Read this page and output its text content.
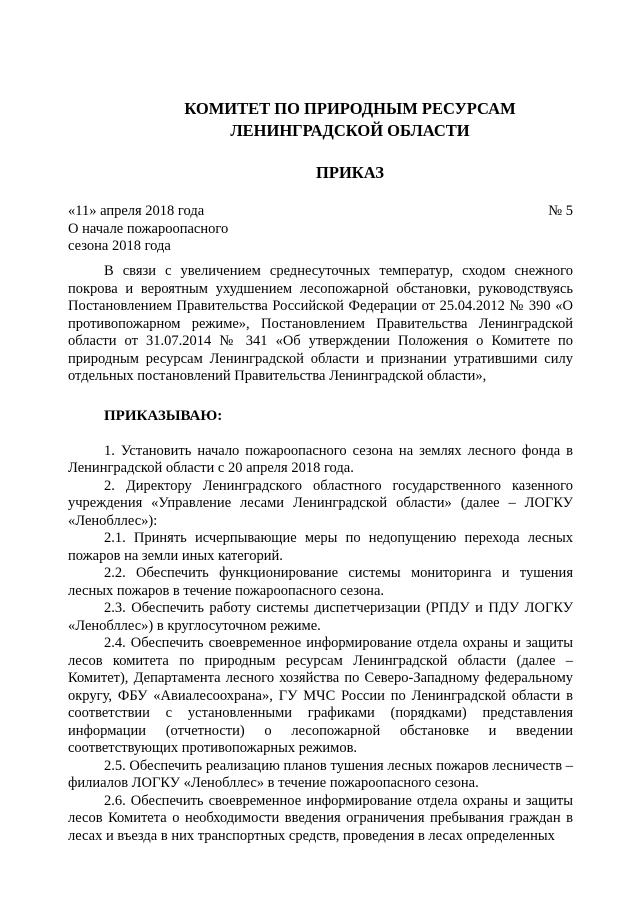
КОМИТЕТ ПО ПРИРОДНЫМ РЕСУРСАМ
ЛЕНИНГРАДСКОЙ ОБЛАСТИ
ПРИКАЗ
«11» апреля 2018 года	№ 5
О начале пожароопасного
сезона 2018 года

В связи с увеличением среднесуточных температур, сходом снежного покрова и вероятным ухудшением лесопожарной обстановки, руководствуясь Постановлением Правительства Российской Федерации от 25.04.2012 № 390 «О противопожарном режиме», Постановлением Правительства Ленинградской области от 31.07.2014 № 341 «Об утверждении Положения о Комитете по природным ресурсам Ленинградской области и признании утратившими силу отдельных постановлений Правительства Ленинградской области»,

ПРИКАЗЫВАЮ:

1. Установить начало пожароопасного сезона на землях лесного фонда в Ленинградской области с 20 апреля 2018 года.

2. Директору Ленинградского областного государственного казенного учреждения «Управление лесами Ленинградской области» (далее – ЛОГКУ «Ленобллес»):

2.1. Принять исчерпывающие меры по недопущению перехода лесных пожаров на земли иных категорий.

2.2. Обеспечить функционирование системы мониторинга и тушения лесных пожаров в течение пожароопасного сезона.

2.3. Обеспечить работу системы диспетчеризации (РПДУ и ПДУ ЛОГКУ «Ленобллес») в круглосуточном режиме.

2.4. Обеспечить своевременное информирование отдела охраны и защиты лесов комитета по природным ресурсам Ленинградской области (далее – Комитет), Департамента лесного хозяйства по Северо-Западному федеральному округу, ФБУ «Авиалесоохрана», ГУ МЧС России по Ленинградской области в соответствии с установленными графиками (порядками) представления информации (отчетности) о лесопожарной обстановке и введении соответствующих противопожарных режимов.

2.5. Обеспечить реализацию планов тушения лесных пожаров лесничеств – филиалов ЛОГКУ «Ленобллес» в течение пожароопасного сезона.

2.6. Обеспечить своевременное информирование отдела охраны и защиты лесов Комитета о необходимости введения ограничения пребывания граждан в лесах и въезда в них транспортных средств, проведения в лесах определенных
